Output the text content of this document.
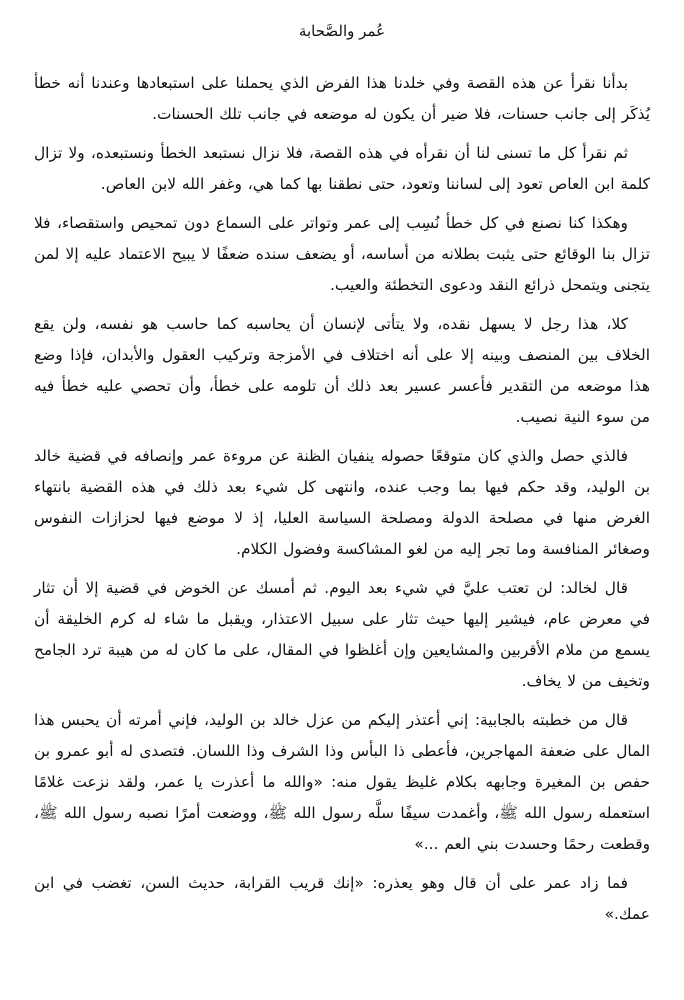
عُمر والصَّحابة

بدأنا نقرأ عن هذه القصة وفي خلدنا هذا الفرض الذي يحملنا على استبعادها وعندنا أنه خطأ يُذكَر إلى جانب حسنات، فلا ضير أن يكون له موضعه في جانب تلك الحسنات.

ثم نقرأ كل ما تسنى لنا أن نقرأه في هذه القصة، فلا نزال نستبعد الخطأ ونستبعده، ولا تزال كلمة ابن العاص تعود إلى لساننا وتعود، حتى نطقنا بها كما هي، وغفر الله لابن العاص.

وهكذا كنا نصنع في كل خطأ نُسِب إلى عمر وتواتر على السماع دون تمحيص واستقصاء، فلا تزال بنا الوقائع حتى يثبت بطلانه من أساسه، أو يضعف سنده ضعفًا لا يبيح الاعتماد عليه إلا لمن يتجنى ويتمحل ذرائع النقد ودعوى التخطئة والعيب.

كلا، هذا رجل لا يسهل نقده، ولا يتأتى لإنسان أن يحاسبه كما حاسب هو نفسه، ولن يقع الخلاف بين المنصف وبينه إلا على أنه اختلاف في الأمزجة وتركيب العقول والأبدان، فإذا وضع هذا موضعه من التقدير فأعسر عسير بعد ذلك أن تلومه على خطأ، وأن تحصي عليه خطأ فيه من سوء النية نصيب.

فالذي حصل والذي كان متوقعًا حصوله ينفيان الظنة عن مروءة عمر وإنصافه في قضية خالد بن الوليد، وقد حكم فيها بما وجب عنده، وانتهى كل شيء بعد ذلك في هذه القضية بانتهاء الغرض منها في مصلحة الدولة ومصلحة السياسة العليا، إذ لا موضع فيها لحزازات النفوس وصغائر المنافسة وما تجر إليه من لغو المشاكسة وفضول الكلام.

قال لخالد: لن تعتب عليَّ في شيء بعد اليوم. ثم أمسك عن الخوض في قضية إلا أن تثار في معرض عام، فيشير إليها حيث تثار على سبيل الاعتذار، ويقبل ما شاء له كرم الخليقة أن يسمع من ملام الأقربين والمشايعين وإن أغلظوا في المقال، على ما كان له من هيبة ترد الجامح وتخيف من لا يخاف.

قال من خطبته بالجابية: إني أعتذر إليكم من عزل خالد بن الوليد، فإني أمرته أن يحبس هذا المال على ضعفة المهاجرين، فأعطى ذا البأس وذا الشرف وذا اللسان. فتصدى له أبو عمرو بن حفص بن المغيرة وجابهه بكلام غليظ يقول منه: «والله ما أعذرت يا عمر، ولقد نزعت غلامًا استعمله رسول الله ﷺ، وأغمدت سيفًا سلَّه رسول الله ﷺ، ووضعت أمرًا نصبه رسول الله ﷺ، وقطعت رحمًا وحسدت بني العم ...»

فما زاد عمر على أن قال وهو يعذره: «إنك قريب القرابة، حديث السن، تغضب في ابن عمك.»
